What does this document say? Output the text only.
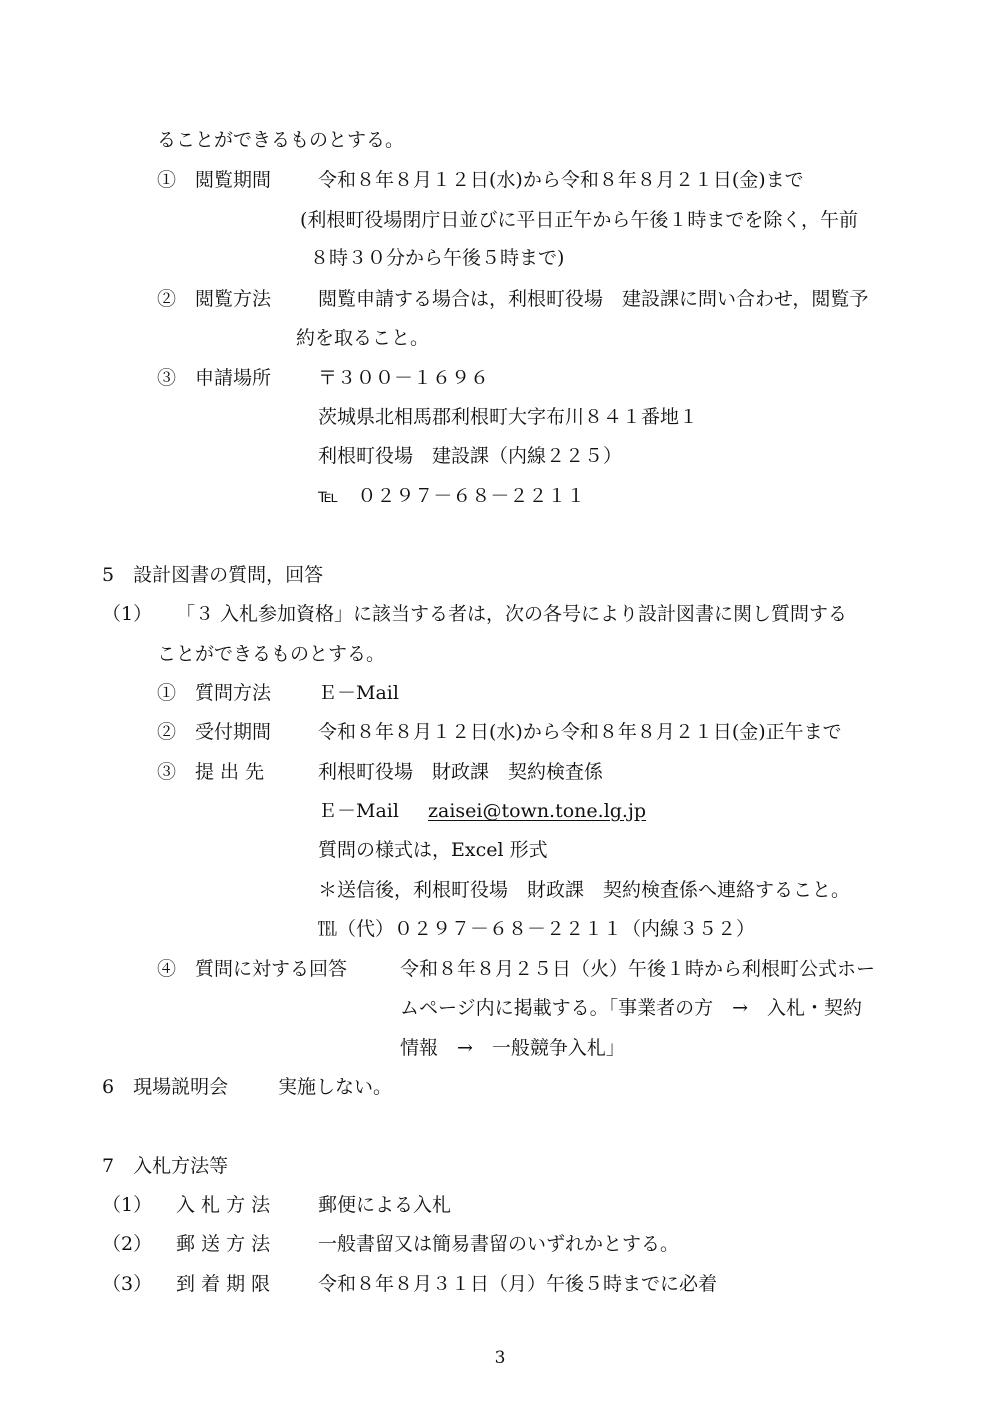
ることができるものとする。
①　閲覧期間 令和８年８月１２日(水)から令和８年８月２１日(金)まで
(利根町役場閉庁日並びに平日正午から午後１時までを除く，午前
８時３０分から午後５時まで)
②　閲覧方法 閲覧申請する場合は，利根町役場　建設課に問い合わせ，閲覧予
約を取ること。
③　申請場所 〒３００－１６９６
茨城県北相馬郡利根町大字布川８４１番地１
利根町役場　建設課（内線２２５）
℡　０２９７－６８－２２１１
5　設計図書の質問，回答
（1） 「３ 入札参加資格」に該当する者は，次の各号により設計図書に関し質問する
ことができるものとする。
①　質問方法 Ｅ－Mail
②　受付期間 令和８年８月１２日(水)から令和８年８月２１日(金)正午まで
③　提 出 先	利根町役場　財政課　契約検査係
Ｅ－Mail zaisei@town.tone.lg.jp
質問の様式は，Excel 形式
＊送信後，利根町役場　財政課　契約検査係へ連絡すること。
℡（代）０２９７－６８－２２１１（内線３５２）
④　質問に対する回答	令和８年８月２５日（火）午後１時から利根町公式ホー
ムページ内に掲載する。「事業者の方　→　入札・契約
情報　→　一般競争入札」
6　現場説明会	実施しない。
7　入札方法等
（1） 入 札 方 法	郵便による入札
（2） 郵 送 方 法	一般書留又は簡易書留のいずれかとする。
（3） 到 着 期 限	令和８年８月３１日（月）午後５時までに必着
3
